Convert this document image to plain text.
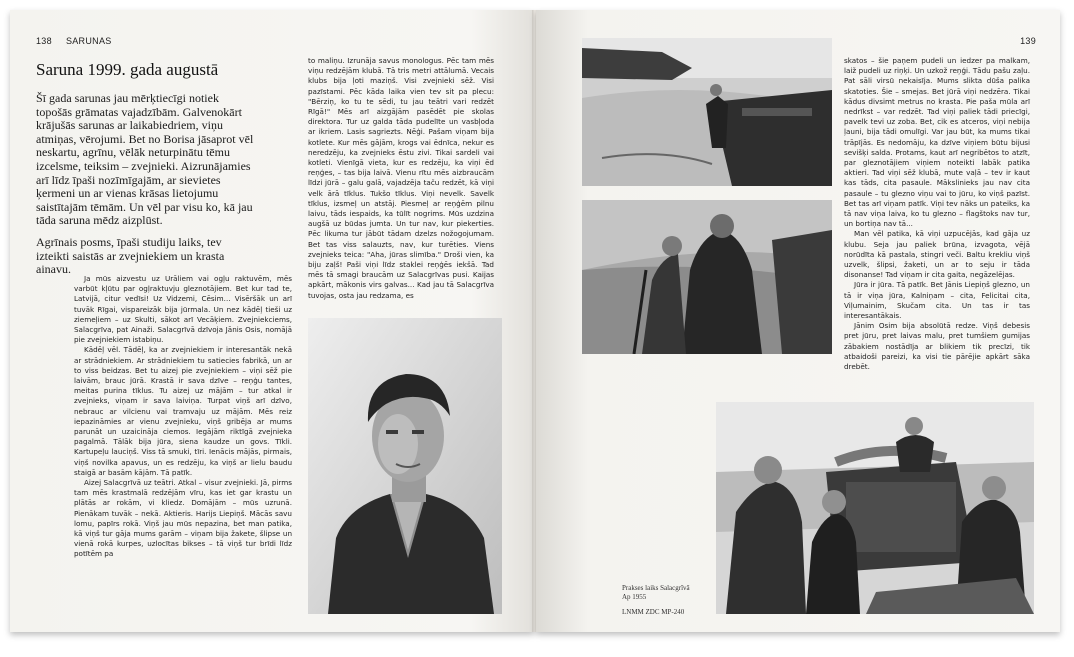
138 SARUNAS
Saruna 1999. gada augustā

Šī gada sarunas jau mērķtiecīgi notiek topošās grāmatas vajadzībām. Galvenokārt krājušās sarunas ar laikabiedriem, viņu atmiņas, vērojumi. Bet no Borisa jāsaprot vēl neskartu, agrīnu, vēlāk neturpinātu tēmu izcelsme, teiksim – zvejnieki. Aizrunājamies arī līdz īpaši nozīmīgajām, ar sievietes ķermeni un ar vienas krāsas lietojumu saistītajām tēmām. Un vēl par visu ko, kā jau tāda saruna mēdz aizplūst.

Agrīnais posms, īpaši studiju laiks, tev izteikti saistās ar zvejniekiem un krasta ainavu.

Ja mūs aizvestu uz Urāliem vai ogļu raktuvēm, mēs varbūt kļūtu par ogļraktuvju gleznotājiem. Bet kur tad te, Latvijā, citur vedīsi! Uz Vidzemi, Cēsim... Visēršāk un arī tuvāk Rīgai, vispareizāk bija jūrmala. Un nez kādēļ tieši uz ziemeļiem – uz Skulti, sākot arī Vecāķiem. Zvejniekciems, Salacgrīva, pat Ainaži. Salacgrīvā dzīvoja Jānis Osis, nomājā pie zvejniekiem istabiņu.

Kādēļ vēl. Tādēļ, ka ar zvejniekiem ir interesantāk nekā ar strādniekiem. Ar strādniekiem tu satiecies fabrikā, un ar to viss beidzas. Bet tu aizej pie zvejniekiem – viņi sēž pie laivām, brauc jūrā. Krastā ir sava dzīve – reņģu tantes, meitas purina tīklus. Tu aizej uz mājām – tur atkal ir zvejnieks, viņam ir sava laiviņa. Turpat viņš arī dzīvo, nebrauc ar vilcienu vai tramvaju uz mājām. Mēs reiz iepazināmies ar vienu zvejnieku, viņš gribēja ar mums parunāt un uzaicināja ciemos. Iegājām riktīgā zvejnieka pagalmā. Tālāk bija jūra, siena kaudze un govs. Tīkli. Kartupeļu lauciņš. Viss tā smuki, tīri. Ienācis mājās, pirmais, viņš novilka apavus, un es redzēju, ka viņš ar lielu baudu staigā ar basām kājām. Tā patīk.

Aizej Salacgrīvā uz teātri. Atkal – visur zvejnieki. Jā, pirms tam mēs krastmalā redzējām vīru, kas iet gar krastu un plātās ar rokām, vi kliedz. Domājām – mūs uzrunā. Pienākam tuvāk – nekā. Aktieris. Harijs Liepiņš. Mācās savu lomu, papīrs rokā. Viņš jau mūs nepazina, bet man patika, kā viņš tur gāja mums garām – viņam bija žakete, šlipse un vienā rokā kurpes, uzlocītas bikses – tā viņš tur brīdi līdz potītēm pa

to maliņu. Izrunāja savus monologus. Pēc tam mēs viņu redzējām klubā. Tā tris metri attālumā. Vecais klubs bija ļoti maziņš. Visi zvejnieki sēž. Visi pazīstami. Pēc kāda laika vien tev sit pa plecu: "Bērziņ, ko tu te sēdi, tu jau teātri vari redzēt Rīgā!" Mēs arī aizgājām pasēdēt pie skolas direktora. Tur uz galda tāda pudelīte un vasbļoda ar ikriem. Lasis sagriezts. Nēģi. Pašam viņam bija kotlete. Kur mēs gājām, krogs vai ēdnīca, nekur es neredzēju, ka zvejnieks ēstu zivi. Tikai sardeli vai kotleti. Vienīgā vieta, kur es redzēju, ka viņi ēd reņģes, – tas bija laivā. Vienu rītu mēs aizbraucām līdzi jūrā – galu galā, vajadzēja taču redzēt, kā viņi velk ārā tīklus. Tukšo tīklus. Viņi nevelk. Savelk tīklus, izsmeļ un atstāj. Piesmeļ ar reņģēm pilnu laivu, tāds iespaids, ka tūlīt nogrims. Mūs uzdzina augšā uz būdas jumta. Un tur nav, kur piekerties. Pēc likuma tur jābūt tādam dzelzs nožogojumam. Bet tas viss salauzts, nav, kur turēties. Viens zvejnieks teica: "Aha, jūras slimība." Droši vien, ka biju zaļš! Paši viņi līdz staklei reņģēs iekšā. Tad mēs tā smagi braucām uz Salacgrīvas pusi. Kaijas apkārt, mākonis virs galvas... Kad jau tā Salacgrīva tuvojas, osta jau redzama, es

139
Prakses laiks Salacgrīvā
Ap 1955
LNMM ZDC MP-240

skatos – šie paņem pudeli un iedzer pa malkam, laiž pudeli uz riņķi. Un uzkož reņģi. Tādu pašu zaļu. Pat sāli virsū nekaisīja. Mums slikta dūša palika skatoties. Šie – smejas. Bet jūrā viņi nedzēra. Tikai kādus divsimt metrus no krasta. Pie paša mūla arī nedrīkst – var redzēt. Tad viņi paliek tādi priecīgi, pavelk tevi uz zoba. Bet, cik es atceros, viņi nebija ļauni, bija tādi omulīgi. Var jau būt, ka mums tikai trāpījās. Es nedomāju, ka dzīve viņiem būtu bijusi sevišķi salda. Protams, kaut arī negribētos to atzīt, par gleznotājiem viņiem noteikti labāk patika aktieri. Tad viņi sēž klubā, mute vaļā – tev ir kaut kas tāds, cita pasaule. Mākslinieks jau nav cita pasaule – tu glezno viņu vai to jūru, ko viņš pazīst. Bet tas arī viņam patīk. Viņi tev nāks un pateiks, ka tā nav viņa laiva, ko tu glezno – flagštoks nav tur, un bortiņa nav tā...

Man vēl patika, kā viņi uzpucējās, kad gāja uz klubu. Seja jau paliek brūna, izvagota, vējā norūdīta kā pastala, stingri veči. Baltu krekliu viņš uzvelk, šlipsi, žaketi, un ar to seju ir tāda disonanse! Tad viņam ir cita gaita, negāzelējas.

Jūra ir jūra. Tā patīk. Bet Jānis Liepiņš glezno, un tā ir viņa jūra, Kalniņam – cita, Felicitai cita, Viļumainim, Skučam cita. Un tas ir tas interesantākais.

Jānim Osim bija absolūtā redze. Viņš debesis pret jūru, pret laivas malu, pret tumšiem gumijas zābakiem nostādīja ar blikiem tik precīzi, tik atbaidoši pareizi, ka visi tie pārējie apkārt sāka drebēt.
